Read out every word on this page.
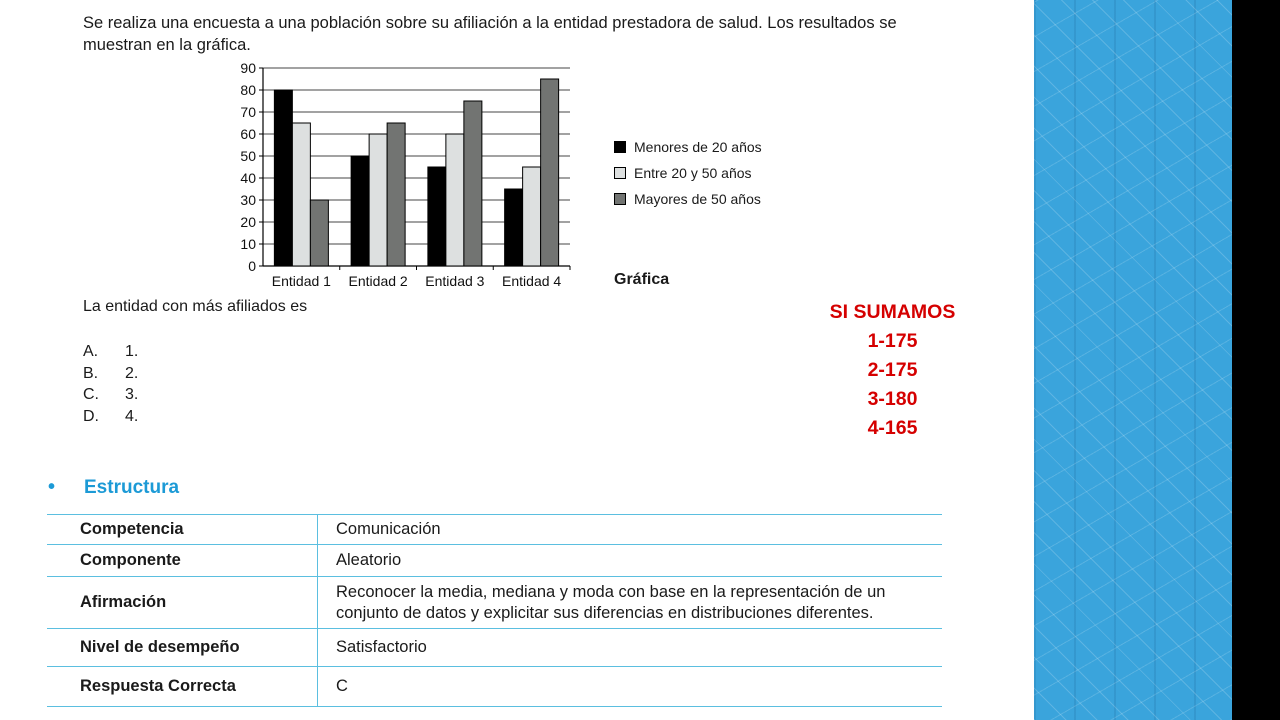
Se realiza una encuesta a una población sobre su afiliación a la entidad prestadora de salud. Los resultados se muestran en la gráfica.
0
10
20
30
40
50
60
70
80
90
Entidad 1 Entidad 2 Entidad 3 Entidad 4
Menores de 20 años
Entre 20 y 50 años
Mayores de 50 años
Gráfica
La entidad con más afiliados es
A.	1.
B.	2.
C.	3.
D.	4.
SI SUMAMOS
1-175
2-175
3-180
4-165
• Estructura
Competencia	Comunicación
Componente	Aleatorio
Afirmación	Reconocer la media, mediana y moda con base en la representación de un conjunto de datos y explicitar sus diferencias en distribuciones diferentes.
Nivel de desempeño	Satisfactorio
Respuesta Correcta	C
